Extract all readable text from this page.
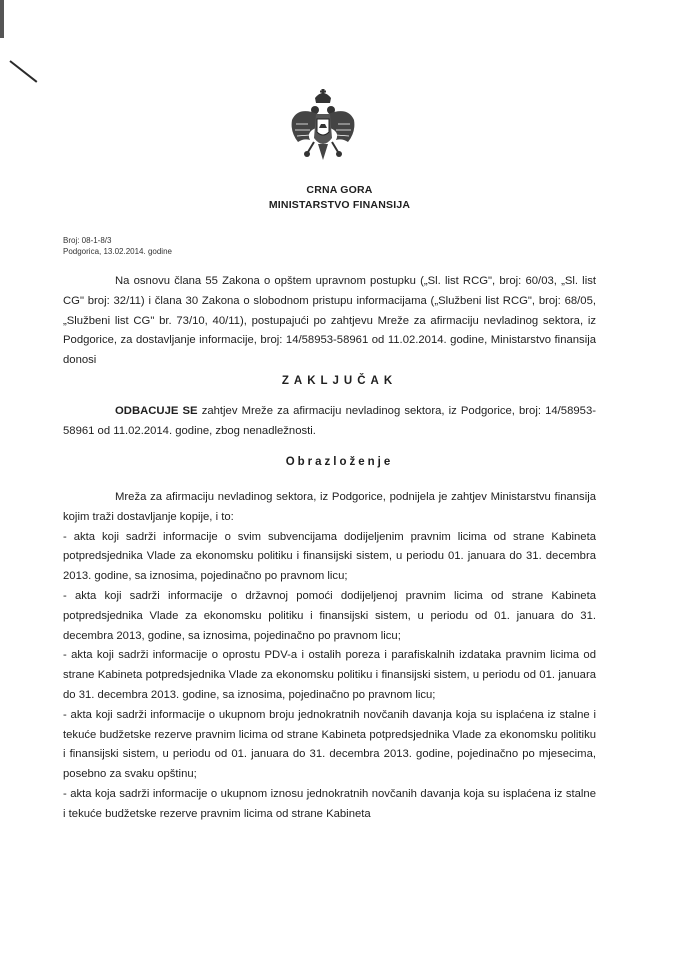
CRNA GORA
MINISTARSTVO FINANSIJA
Broj: 08-1-8/3
Podgorica, 13.02.2014. godine
Na osnovu člana 55 Zakona o opštem upravnom postupku („Sl. list RCG", broj: 60/03, „Sl. list CG" broj: 32/11) i člana 30 Zakona o slobodnom pristupu informacijama („Službeni list RCG", broj: 68/05, „Službeni list CG" br. 73/10, 40/11), postupajući po zahtjevu Mreže za afirmaciju nevladinog sektora, iz Podgorice, za dostavljanje informacije, broj: 14/58953-58961 od 11.02.2014. godine, Ministarstvo finansija donosi
ZAKLJUČAK
ODBACUJE SE zahtjev Mreže za afirmaciju nevladinog sektora, iz Podgorice, broj: 14/58953-58961 od 11.02.2014. godine, zbog nenadležnosti.
Obrazloženje
Mreža za afirmaciju nevladinog sektora, iz Podgorice, podnijela je zahtjev Ministarstvu finansija kojim traži dostavljanje kopije, i to:
- akta koji sadrži informacije o svim subvencijama dodijeljenim pravnim licima od strane Kabineta potpredsjednika Vlade za ekonomsku politiku i finansijski sistem, u periodu 01. januara do 31. decembra 2013. godine, sa iznosima, pojedinačno po pravnom licu;
- akta koji sadrži informacije o državnoj pomoći dodijeljenoj pravnim licima od strane Kabineta potpredsjednika Vlade za ekonomsku politiku i finansijski sistem, u periodu od 01. januara do 31. decembra 2013, godine, sa iznosima, pojedinačno po pravnom licu;
- akta koji sadrži informacije o oprostu PDV-a i ostalih poreza i parafiskalnih izdataka pravnim licima od strane Kabineta potpredsjednika Vlade za ekonomsku politiku i finansijski sistem, u periodu od 01. januara do 31. decembra 2013. godine, sa iznosima, pojedinačno po pravnom licu;
- akta koji sadrži informacije o ukupnom broju jednokratnih novčanih davanja koja su isplaćena iz stalne i tekuće budžetske rezerve pravnim licima od strane Kabineta potpredsjednika Vlade za ekonomsku politiku i finansijski sistem, u periodu od 01. januara do 31. decembra 2013. godine, pojedinačno po mjesecima, posebno za svaku opštinu;
- akta koja sadrži informacije o ukupnom iznosu jednokratnih novčanih davanja koja su isplaćena iz stalne i tekuće budžetske rezerve pravnim licima od strane Kabineta
